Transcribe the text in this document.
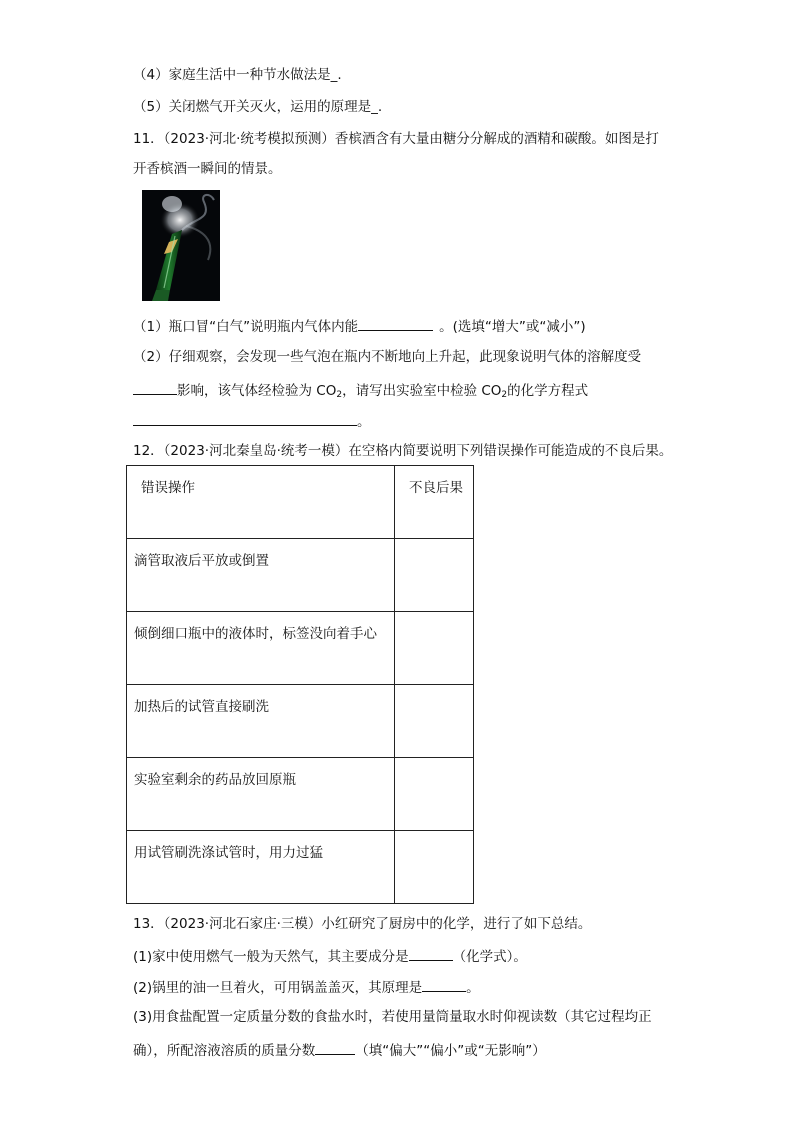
（4）家庭生活中一种节水做法是_.
（5）关闭燃气开关灭火，运用的原理是_.
11．（2023·河北·统考模拟预测）香槟酒含有大量由糖分分解成的酒精和碳酸。如图是打
开香槟酒一瞬间的情景。
（1）瓶口冒“白气”说明瓶内气体内能	。(选填“增大”或“减小”)
（2）仔细观察，会发现一些气泡在瓶内不断地向上升起，此现象说明气体的溶解度受
影响，该气体经检验为 $CO_2$，请写出实验室中检验 $CO_2$的化学方程式
。
12．（2023·河北秦皇岛·统考一模）在空格内简要说明下列错误操作可能造成的不良后果。
错误操作	不良后果

滴管取液后平放或倒置	

倾倒细口瓶中的液体时，标签没向着手心	

加热后的试管直接刷洗	

实验室剩余的药品放回原瓶	

用试管刷洗涤试管时，用力过猛	

13．（2023·河北石家庄·三模）小红研究了厨房中的化学，进行了如下总结。
(1)家中使用燃气一般为天然气，其主要成分是	（化学式）。
(2)锅里的油一旦着火，可用锅盖盖灭，其原理是	。
(3)用食盐配置一定质量分数的食盐水时，若使用量筒量取水时仰视读数（其它过程均正
确），所配溶液溶质的质量分数	（填“偏大”“偏小”或“无影响”）
